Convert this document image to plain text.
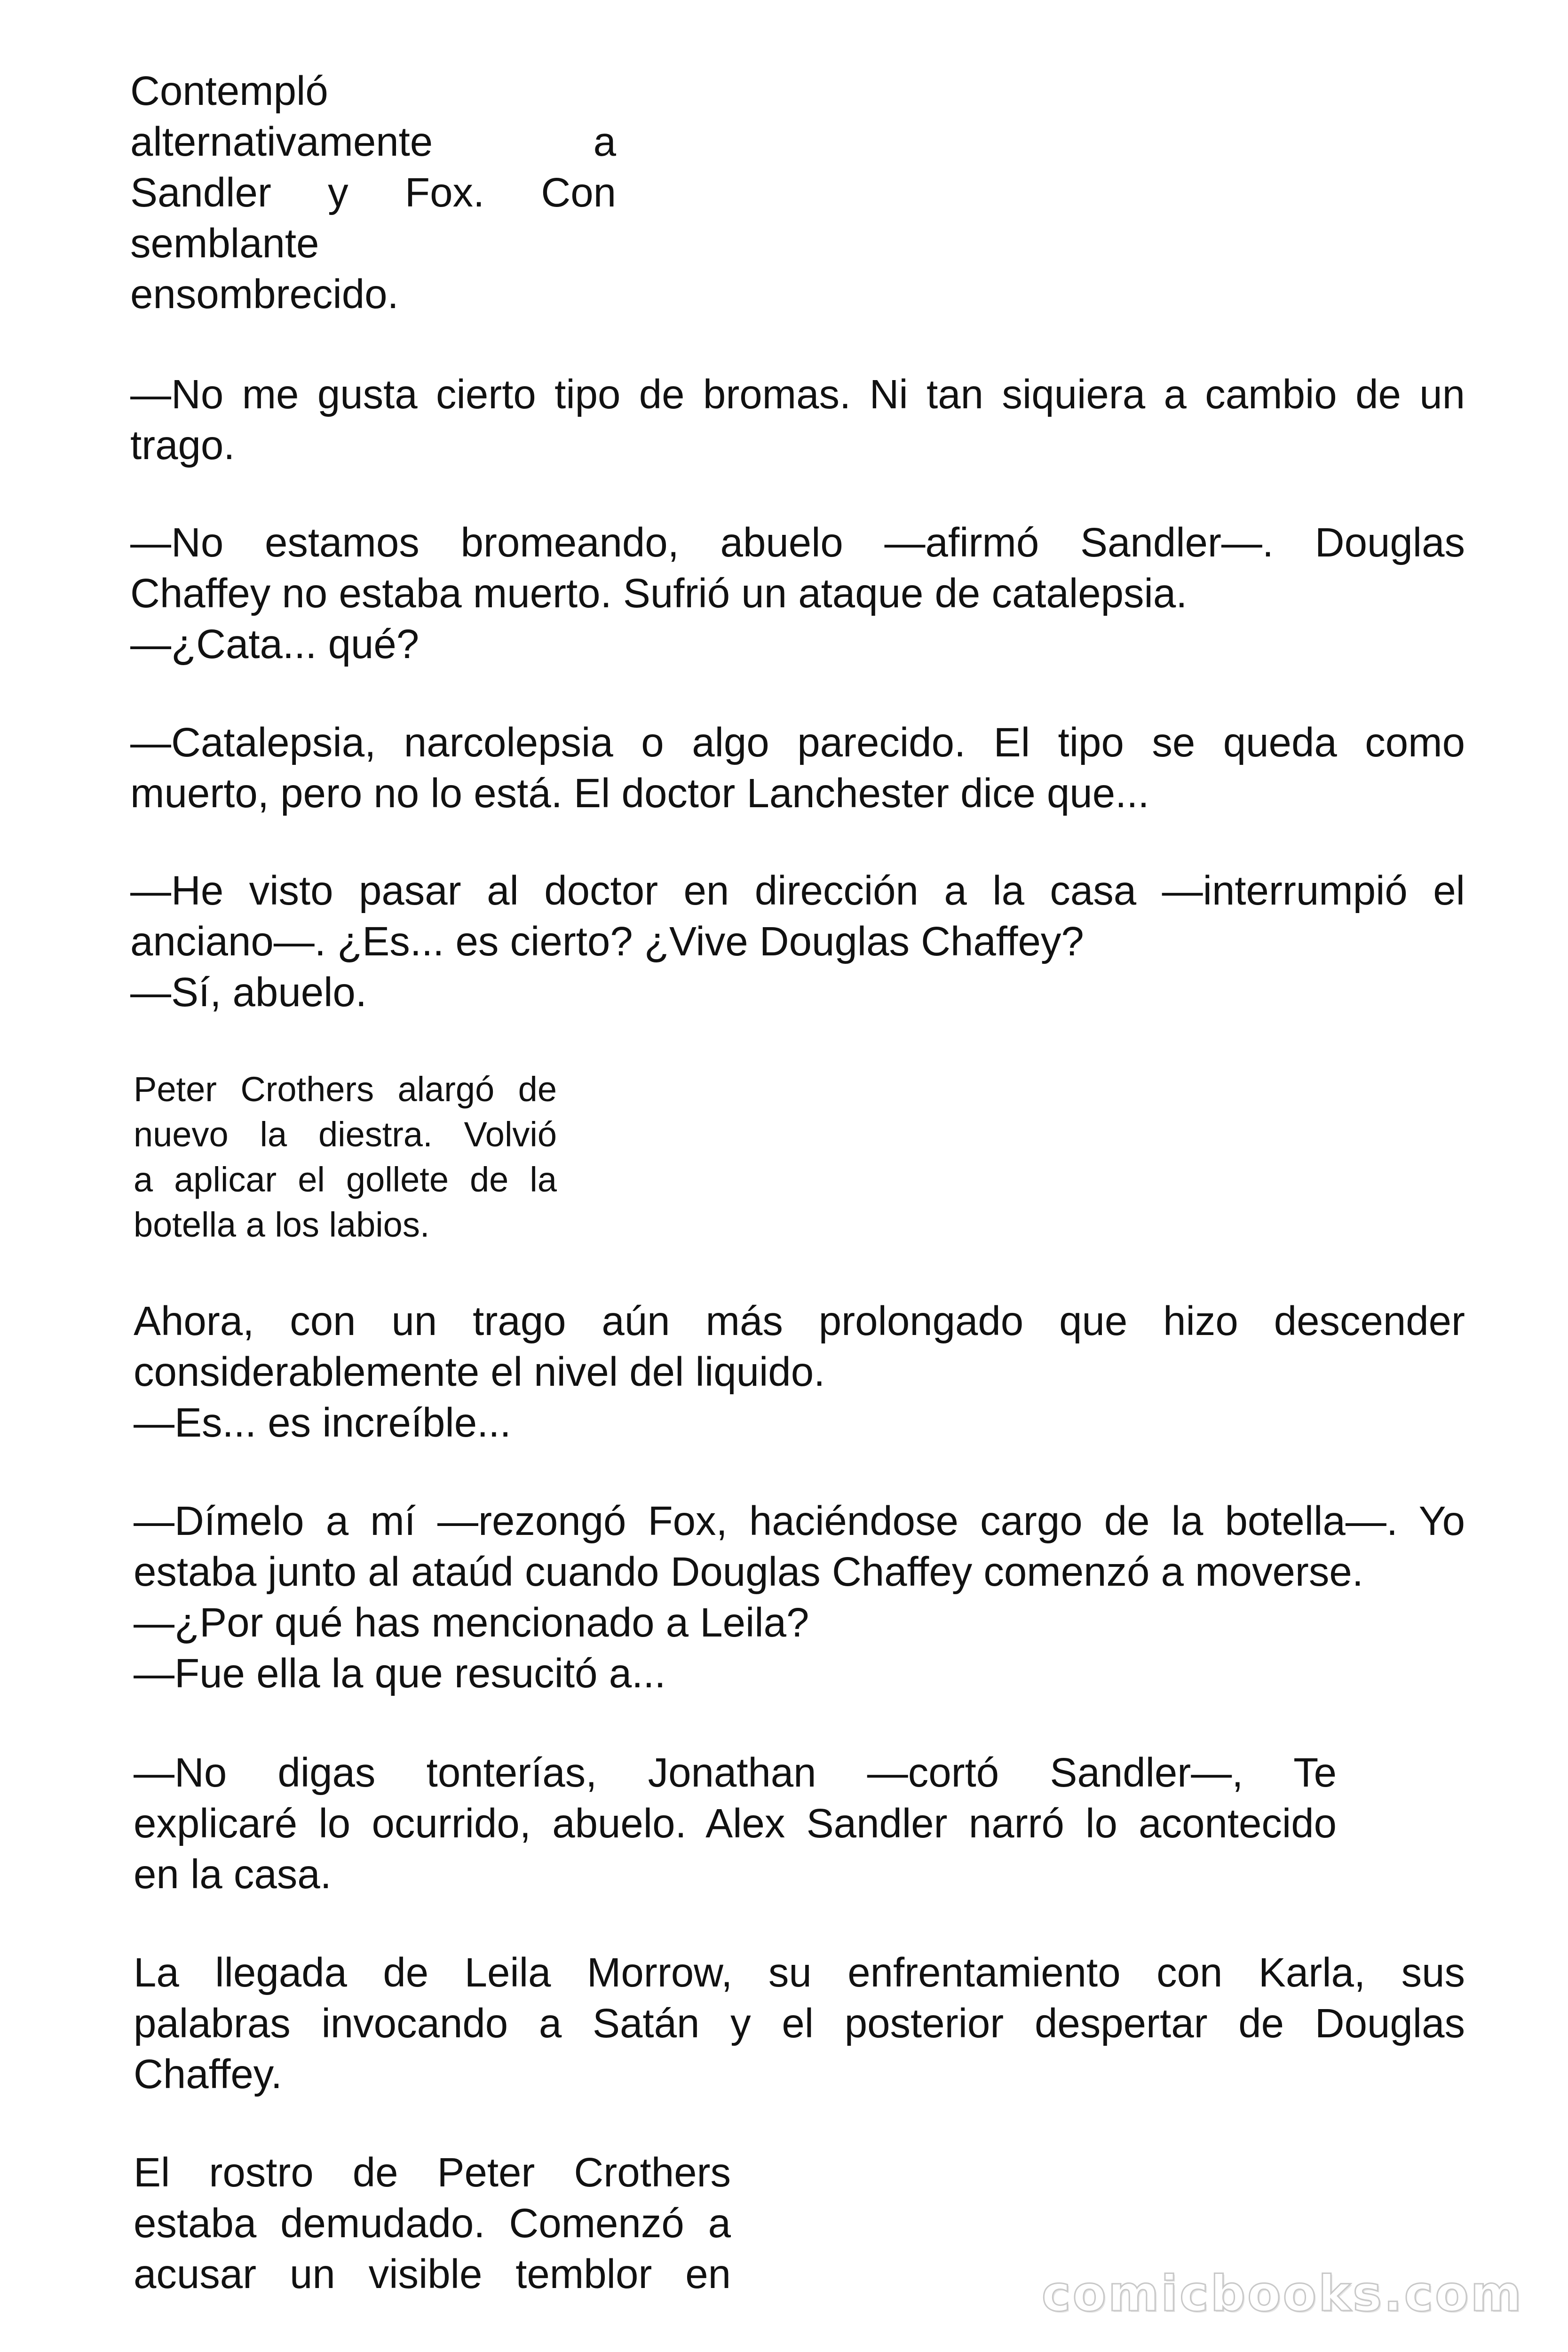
Contempló
alternativamente a
Sandler y Fox. Con
semblante
ensombrecido.
—No me gusta cierto tipo de bromas. Ni tan siquiera a cambio de un
trago.
—No estamos bromeando, abuelo —afirmó Sandler—. Douglas
Chaffey no estaba muerto. Sufrió un ataque de catalepsia.
—¿Cata... qué?
—Catalepsia, narcolepsia o algo parecido. El tipo se queda como
muerto, pero no lo está. El doctor Lanchester dice que...
—He visto pasar al doctor en dirección a la casa —interrumpió el
anciano—. ¿Es... es cierto? ¿Vive Douglas Chaffey?
—Sí, abuelo.
Peter Crothers alargó de
nuevo la diestra. Volvió
a aplicar el gollete de la
botella a los labios.
Ahora, con un trago aún más prolongado que hizo descender
considerablemente el nivel del liquido.
—Es... es increíble...
—Dímelo a mí —rezongó Fox, haciéndose cargo de la botella—. Yo
estaba junto al ataúd cuando Douglas Chaffey comenzó a moverse.
—¿Por qué has mencionado a Leila?
—Fue ella la que resucitó a...
—No digas tonterías, Jonathan —cortó Sandler—, Te
explicaré lo ocurrido, abuelo. Alex Sandler narró lo acontecido
en la casa.
La llegada de Leila Morrow, su enfrentamiento con Karla, sus
palabras invocando a Satán y el posterior despertar de Douglas
Chaffey.
El rostro de Peter Crothers
estaba demudado. Comenzó a
acusar un visible temblor en	comicbooks.com
